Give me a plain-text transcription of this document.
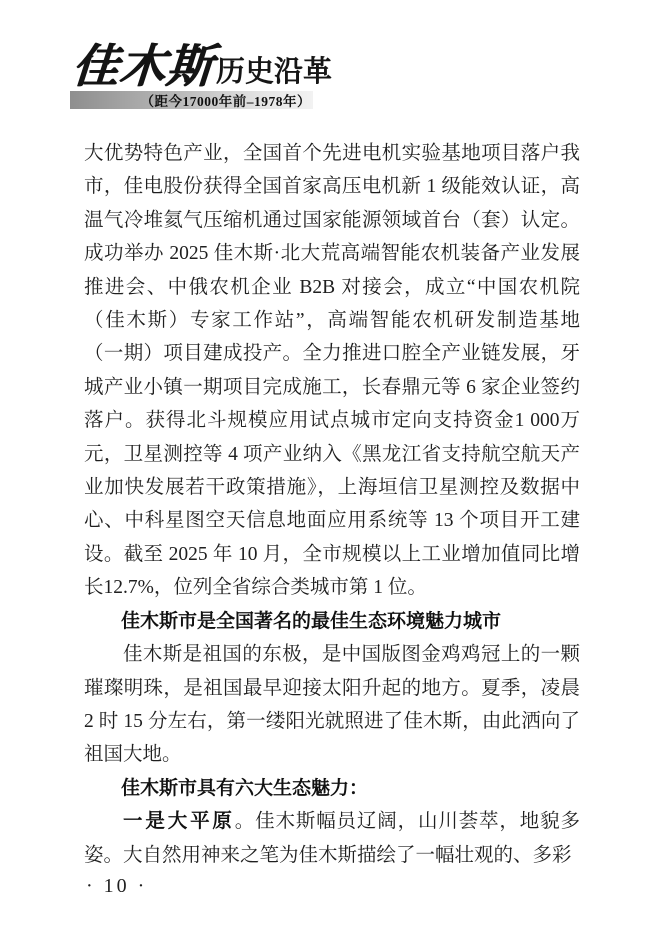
佳木斯 历史沿革
（距今17000年前–1978年）

大优势特色产业，全国首个先进电机实验基地项目落户我市，佳电股份获得全国首家高压电机新 1 级能效认证，高温气冷堆氦气压缩机通过国家能源领域首台（套）认定。成功举办 2025 佳木斯·北大荒高端智能农机装备产业发展推进会、中俄农机企业 B2B 对接会，成立“中国农机院（佳木斯）专家工作站”，高端智能农机研发制造基地（一期）项目建成投产。全力推进口腔全产业链发展，牙城产业小镇一期项目完成施工，长春鼎元等 6 家企业签约落户。获得北斗规模应用试点城市定向支持资金1 000万元，卫星测控等 4 项产业纳入《黑龙江省支持航空航天产业加快发展若干政策措施》，上海垣信卫星测控及数据中心、中科星图空天信息地面应用系统等 13 个项目开工建设。截至 2025 年 10 月，全市规模以上工业增加值同比增长12.7%，位列全省综合类城市第 1 位。

佳木斯市是全国著名的最佳生态环境魅力城市

佳木斯是祖国的东极，是中国版图金鸡鸡冠上的一颗璀璨明珠，是祖国最早迎接太阳升起的地方。夏季，凌晨 2 时 15 分左右，第一缕阳光就照进了佳木斯，由此洒向了祖国大地。

佳木斯市具有六大生态魅力：

一是大平原。佳木斯幅员辽阔，山川荟萃，地貌多姿。大自然用神来之笔为佳木斯描绘了一幅壮观的、多彩

· 10 ·
